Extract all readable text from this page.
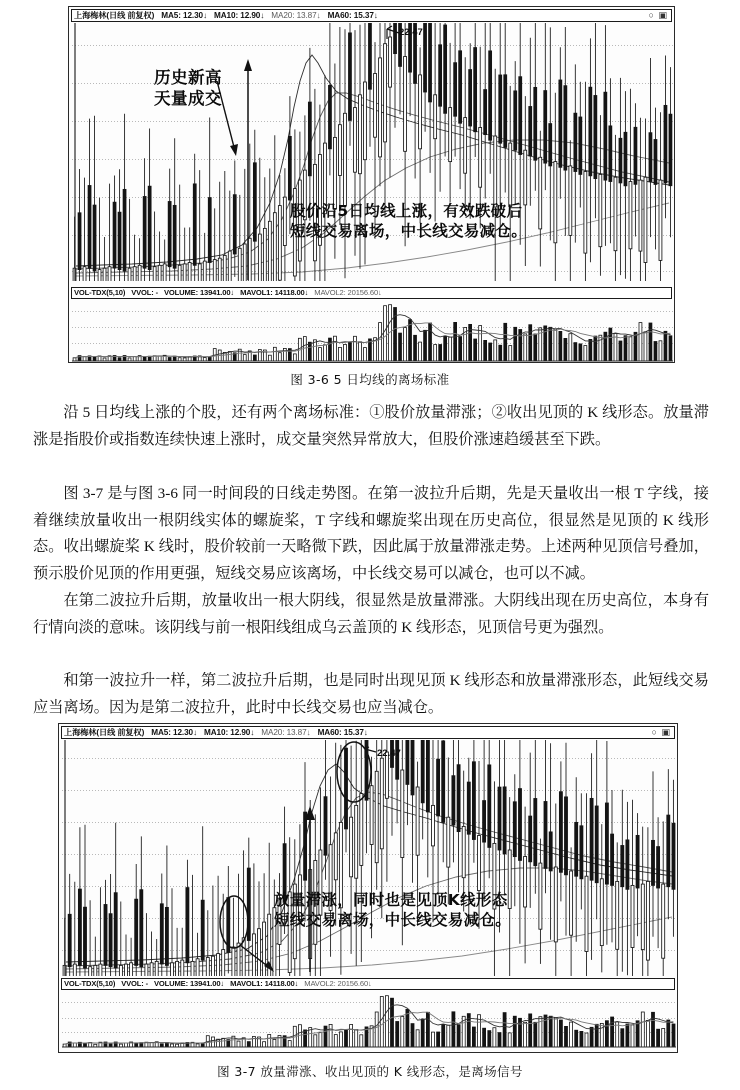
上海梅林(日线 前复权) MA5: 12.30↓ MA10: 12.90↓ MA20: 13.87↓ MA60: 15.37↓	○ ▣
22.47
VOL-TDX(5,10) VVOL: - VOLUME: 13941.00↓ MAVOL1: 14118.00↓ MAVOL2: 20156.60↓
历史新高
天量成交
股价沿5日均线上涨，有效跌破后
短线交易离场，中长线交易减仓。
图 3-6 5 日均线的离场标准

沿 5 日均线上涨的个股，还有两个离场标准：①股价放量滞涨；②收出见顶的 K 线形态。放量滞涨是指股价或指数连续快速上涨时，成交量突然异常放大，但股价涨速趋缓甚至下跌。

图 3-7 是与图 3-6 同一时间段的日线走势图。在第一波拉升后期，先是天量收出一根 T 字线，接着继续放量收出一根阴线实体的螺旋桨，T 字线和螺旋桨出现在历史高位，很显然是见顶的 K 线形态。收出螺旋桨 K 线时，股价较前一天略微下跌，因此属于放量滞涨走势。上述两种见顶信号叠加，预示股价见顶的作用更强，短线交易应该离场，中长线交易可以减仓，也可以不减。

在第二波拉升后期，放量收出一根大阴线，很显然是放量滞涨。大阴线出现在历史高位，本身有行情向淡的意味。该阴线与前一根阳线组成乌云盖顶的 K 线形态，见顶信号更为强烈。

和第一波拉升一样，第二波拉升后期，也是同时出现见顶 K 线形态和放量滞涨形态，此短线交易应当离场。因为是第二波拉升，此时中长线交易也应当减仓。

上海梅林(日线 前复权) MA5: 12.30↓ MA10: 12.90↓ MA20: 13.87↓ MA60: 15.37↓	○ ▣
22.47
VOL-TDX(5,10) VVOL: - VOLUME: 13941.00↓ MAVOL1: 14118.00↓ MAVOL2: 20156.60↓
放量滞涨，同时也是见顶K线形态
短线交易离场，中长线交易减仓。
图 3-7 放量滞涨、收出见顶的 K 线形态，是离场信号
